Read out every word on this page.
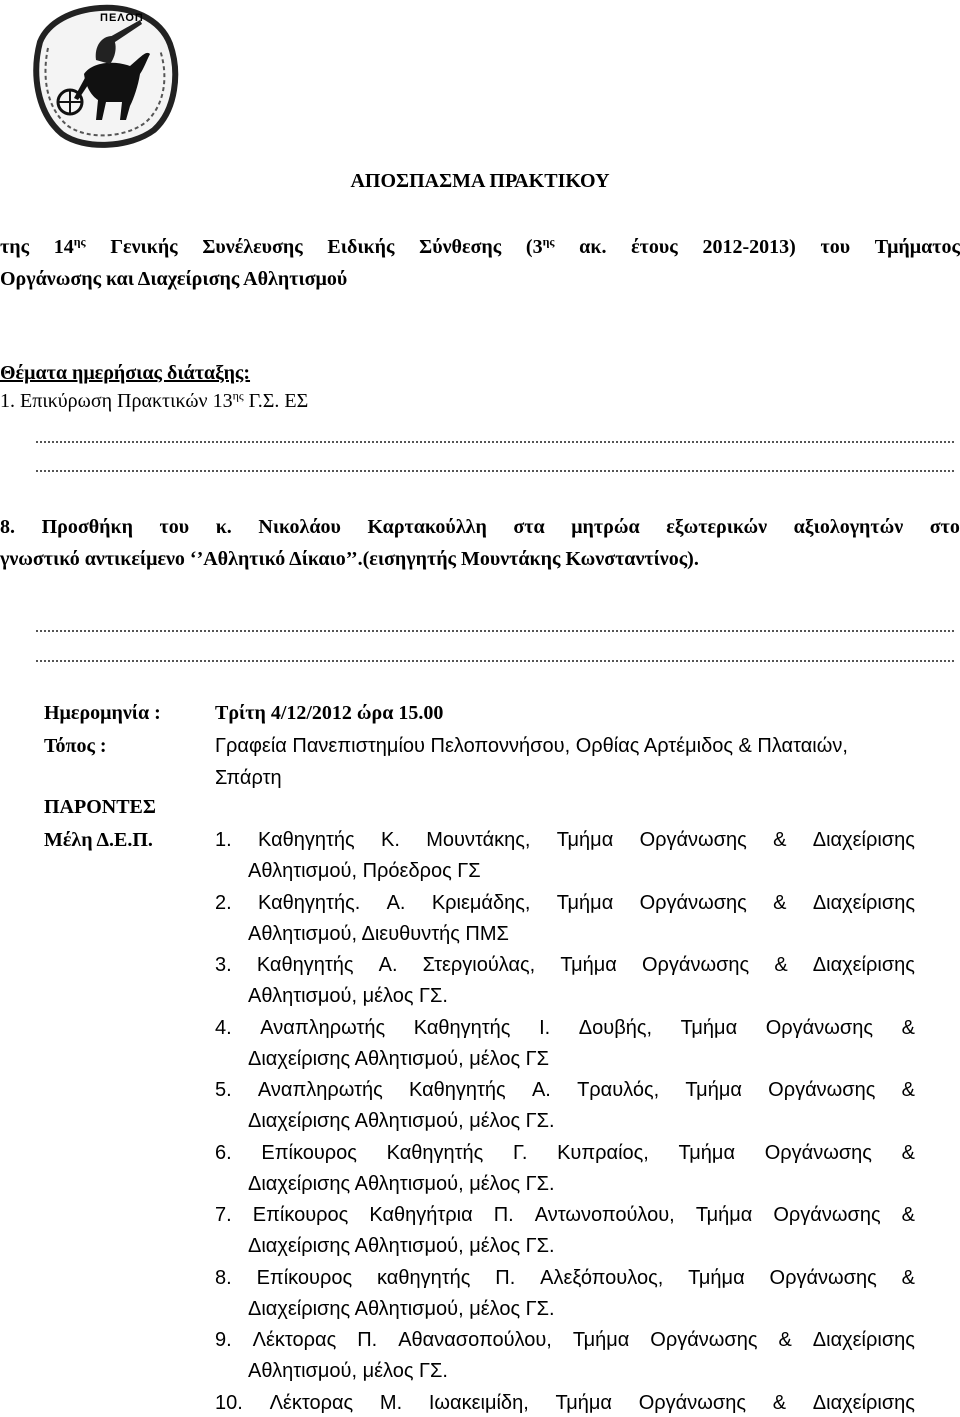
ΠΕΛΟΠ
ΑΠΟΣΠΑΣΜΑ ΠΡΑΚΤΙΚΟΥ
της $14^{\eta\varsigma}$ Γενικής Συνέλευσης Ειδικής Σύνθεσης ($3^{\eta\varsigma}$ ακ. έτους 2012-2013) του Τμήματος
Οργάνωσης και Διαχείρισης Αθλητισμού
Θέματα ημερήσιας διάταξης:
1. Επικύρωση Πρακτικών $13^{\eta\varsigma}$ Γ.Σ. ΕΣ
8. Προσθήκη του κ. Νικολάου Καρτακούλλη στα μητρώα εξωτερικών αξιολογητών στο
γνωστικό αντικείμενο ‘’Αθλητικό Δίκαιο’’.(εισηγητής Μουντάκης Κωνσταντίνος).
Ημερομηνία :	Τρίτη 4/12/2012 ώρα 15.00
Τόπος :	Γραφεία Πανεπιστημίου Πελοποννήσου, Ορθίας Αρτέμιδος & Πλαταιών,
Σπάρτη
ΠΑΡΟΝΤΕΣ
Μέλη Δ.Ε.Π.	1. Καθηγητής Κ. Μουντάκης, Τμήμα Οργάνωσης & Διαχείρισης
Αθλητισμού, Πρόεδρος ΓΣ
2. Καθηγητής. Α. Κριεμάδης, Τμήμα Οργάνωσης & Διαχείρισης
Αθλητισμού, Διευθυντής ΠΜΣ
3. Καθηγητής Α. Στεργιούλας, Τμήμα Οργάνωσης & Διαχείρισης
Αθλητισμού, μέλος ΓΣ.
4. Αναπληρωτής Καθηγητής Ι. Δουβής, Τμήμα Οργάνωσης &
Διαχείρισης Αθλητισμού, μέλος ΓΣ
5. Αναπληρωτής Καθηγητής Α. Τραυλός, Τμήμα Οργάνωσης &
Διαχείρισης Αθλητισμού, μέλος ΓΣ.
6. Επίκουρος Καθηγητής Γ. Κυπραίος, Τμήμα Οργάνωσης &
Διαχείρισης Αθλητισμού, μέλος ΓΣ.
7. Επίκουρος Καθηγήτρια Π. Αντωνοπούλου, Τμήμα Οργάνωσης &
Διαχείρισης Αθλητισμού, μέλος ΓΣ.
8. Επίκουρος καθηγητής Π. Αλεξόπουλος, Τμήμα Οργάνωσης &
Διαχείρισης Αθλητισμού, μέλος ΓΣ.
9. Λέκτορας Π. Αθανασοπούλου, Τμήμα Οργάνωσης & Διαχείρισης
Αθλητισμού, μέλος ΓΣ.
10. Λέκτορας Μ. Ιωακειμίδη, Τμήμα Οργάνωσης & Διαχείρισης
